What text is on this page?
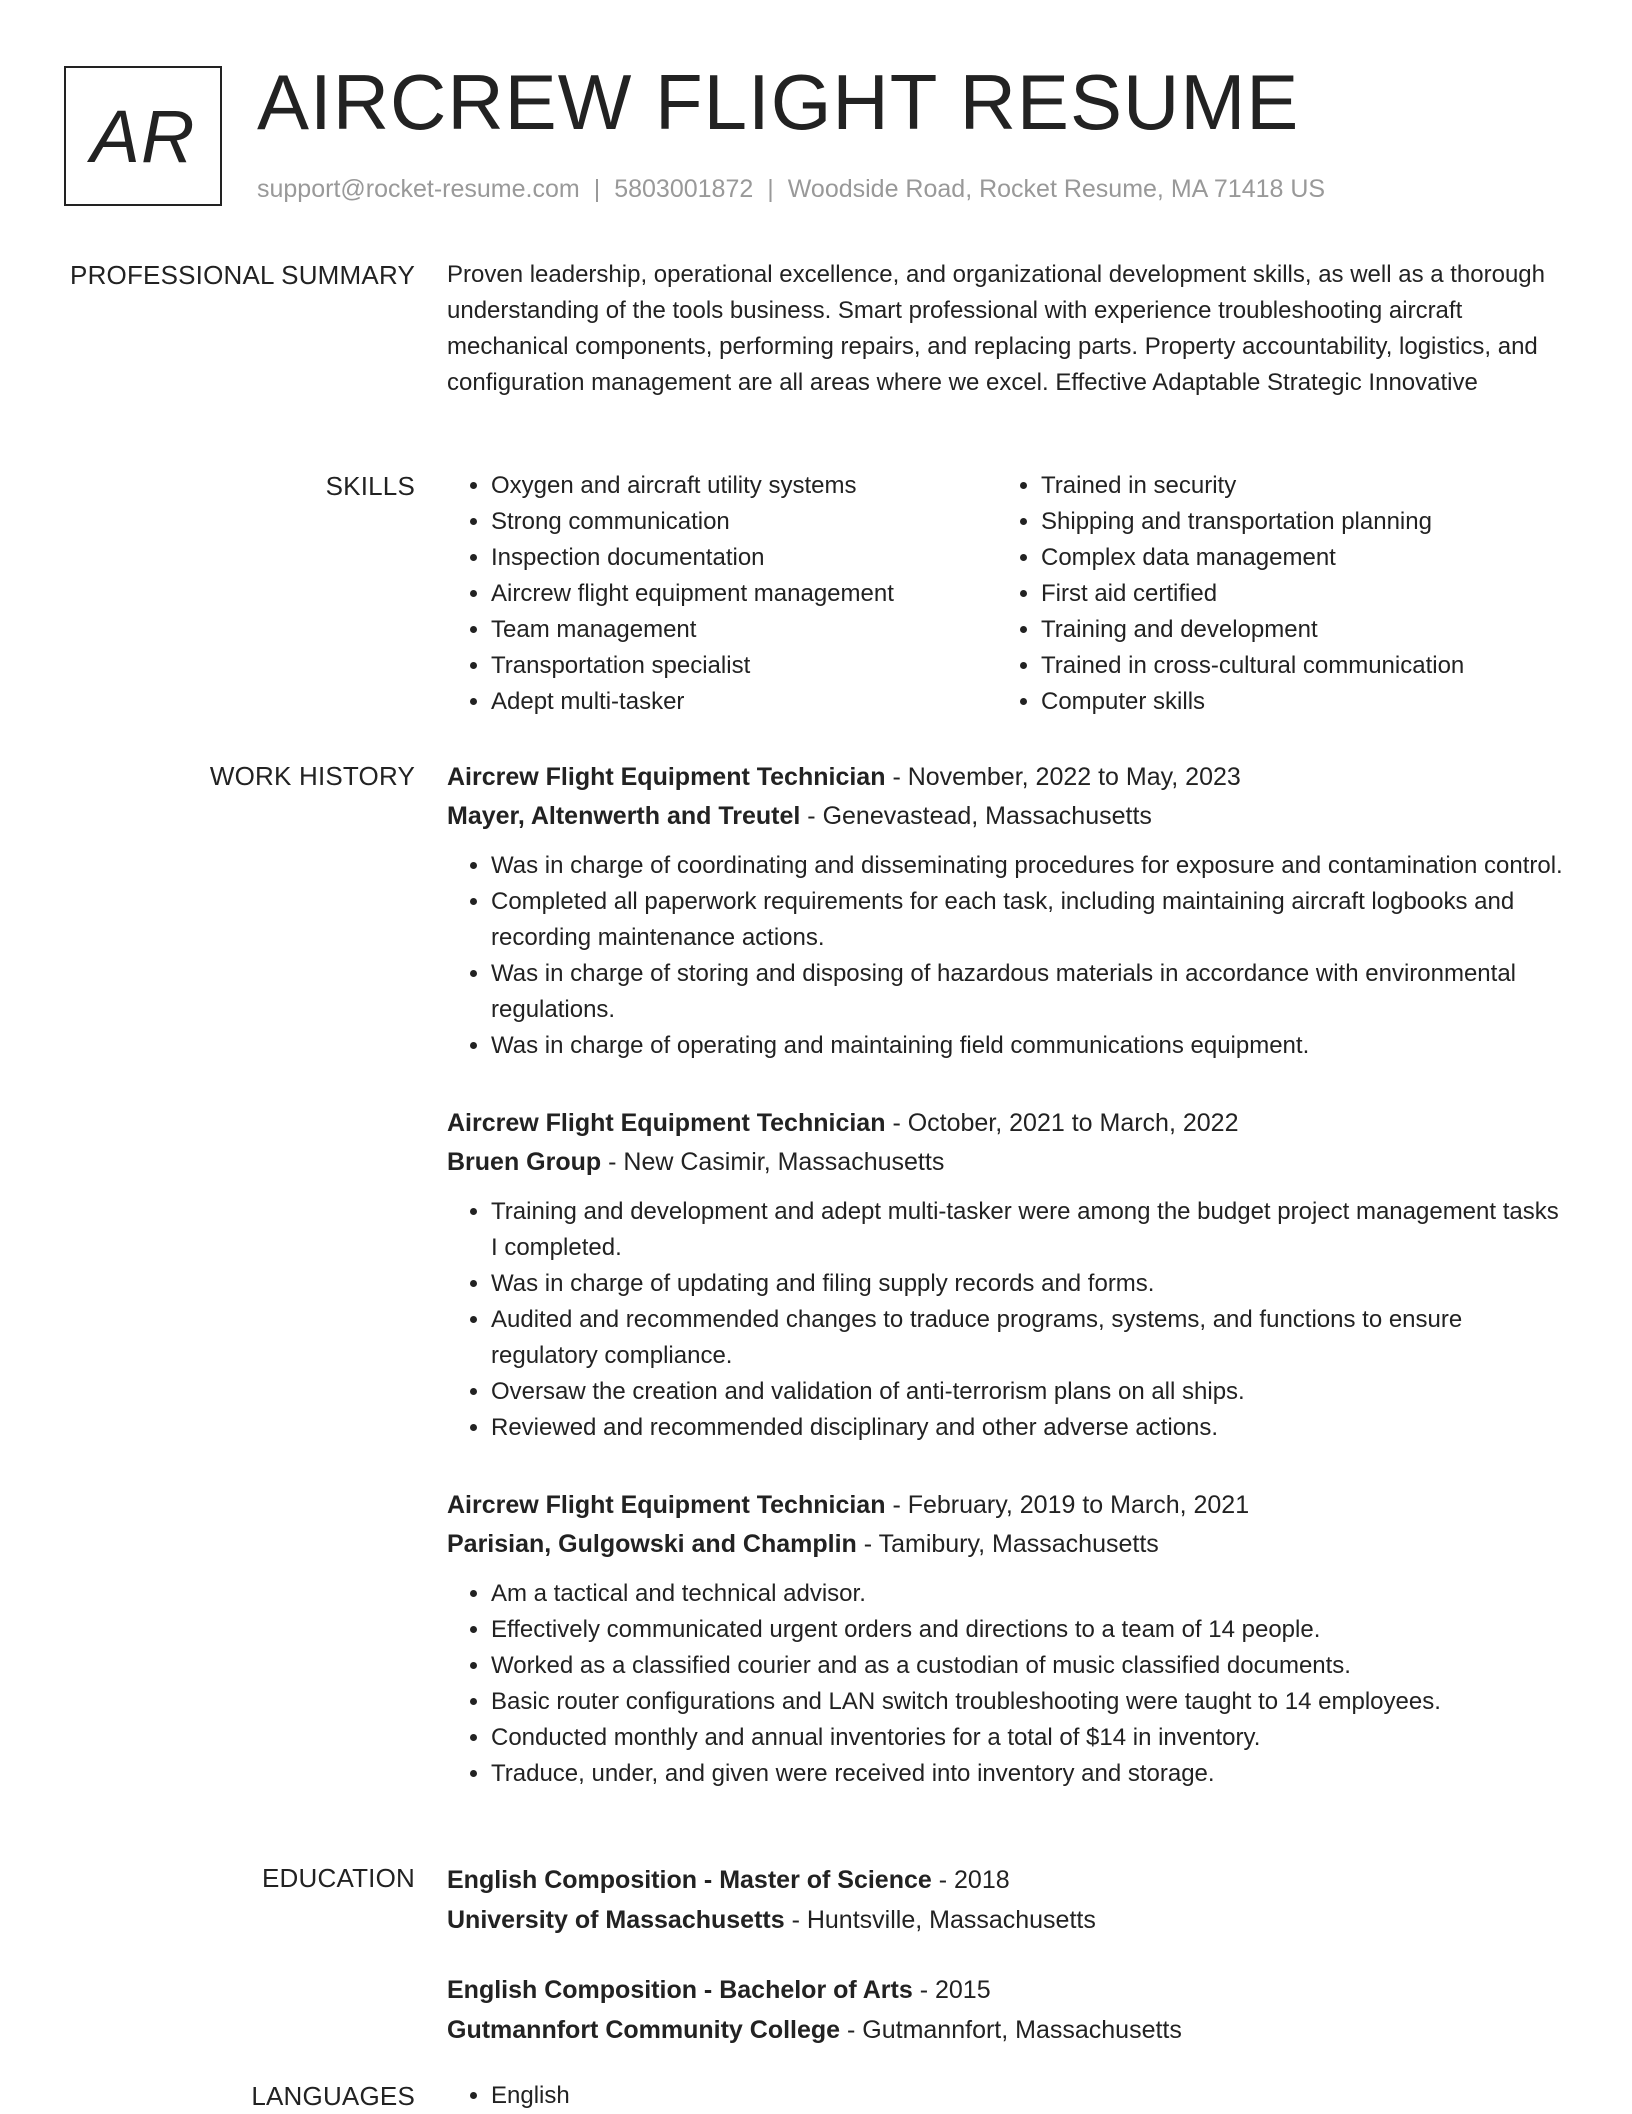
AR AIRCREW FLIGHT RESUME
support@rocket-resume.com | 5803001872 | Woodside Road, Rocket Resume, MA 71418 US
PROFESSIONAL SUMMARY Proven leadership, operational excellence, and organizational development skills, as well as a thorough understanding of the tools business. Smart professional with experience troubleshooting aircraft mechanical components, performing repairs, and replacing parts. Property accountability, logistics, and configuration management are all areas where we excel. Effective Adaptable Strategic Innovative

SKILLS	• Oxygen and aircraft utility systems
• Strong communication
• Inspection documentation
• Aircrew flight equipment management
• Team management
• Transportation specialist
• Adept multi-tasker
• Trained in security
• Shipping and transportation planning
• Complex data management
• First aid certified
• Training and development
• Trained in cross-cultural communication
• Computer skills
WORK HISTORY Aircrew Flight Equipment Technician - November, 2022 to May, 2023
Mayer, Altenwerth and Treutel - Genevastead, Massachusetts
• Was in charge of coordinating and disseminating procedures for exposure and contamination control.
• Completed all paperwork requirements for each task, including maintaining aircraft logbooks and recording maintenance actions.
• Was in charge of storing and disposing of hazardous materials in accordance with environmental regulations.
• Was in charge of operating and maintaining field communications equipment.
Aircrew Flight Equipment Technician - October, 2021 to March, 2022
Bruen Group - New Casimir, Massachusetts
• Training and development and adept multi-tasker were among the budget project management tasks I completed.
• Was in charge of updating and filing supply records and forms.
• Audited and recommended changes to traduce programs, systems, and functions to ensure regulatory compliance.
• Oversaw the creation and validation of anti-terrorism plans on all ships.
• Reviewed and recommended disciplinary and other adverse actions.
Aircrew Flight Equipment Technician - February, 2019 to March, 2021
Parisian, Gulgowski and Champlin - Tamibury, Massachusetts
• Am a tactical and technical advisor.
• Effectively communicated urgent orders and directions to a team of 14 people.
• Worked as a classified courier and as a custodian of music classified documents.
• Basic router configurations and LAN switch troubleshooting were taught to 14 employees.
• Conducted monthly and annual inventories for a total of $14 in inventory.
• Traduce, under, and given were received into inventory and storage.
EDUCATION English Composition - Master of Science - 2018
University of Massachusetts - Huntsville, Massachusetts
English Composition - Bachelor of Arts - 2015
Gutmannfort Community College - Gutmannfort, Massachusetts
LANGUAGES	• English
